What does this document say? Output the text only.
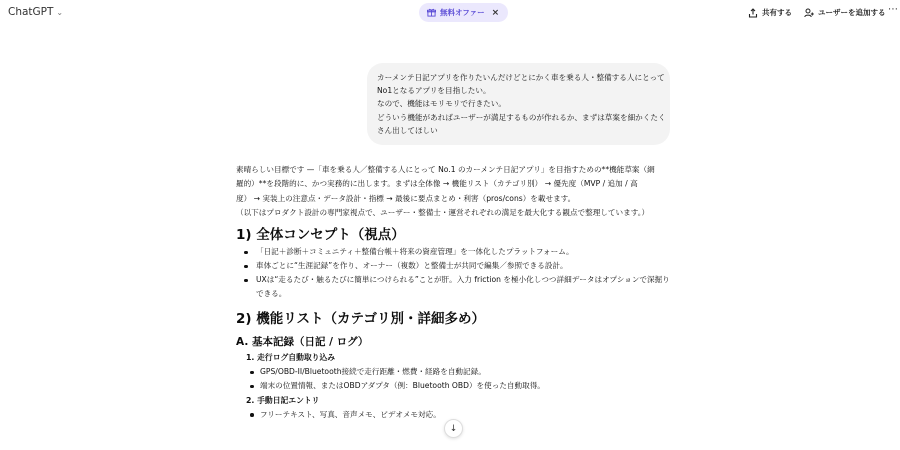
ChatGPT ⌄	無料オファー ×	共有する	ユーザーを追加する ⋯

カーメンテ日記アプリを作りたいんだけどとにかく車を乗る人・整備する人にとって

No1となるアプリを目指したい。

なので、機能はモリモリで行きたい。

どういう機能があればユーザーが満足するものが作れるか、まずは草案を細かくたく

さん出してほしい

素晴らしい目標です —「車を乗る人／整備する人にとって No.1 のカーメンテ日記アプリ」を目指すための**機能草案（網

羅的）**を段階的に、かつ実務的に出します。まずは全体像 → 機能リスト（カテゴリ別） → 優先度（MVP / 追加 / 高

度） → 実装上の注意点・データ設計・指標 → 最後に要点まとめ・利害（pros/cons）を載せます。

（以下はプロダクト設計の専門家視点で、ユーザー・整備士・運営それぞれの満足を最大化する観点で整理しています。）

1) 全体コンセプト（視点）
「日記＋診断＋コミュニティ＋整備台帳＋将来の資産管理」を一体化したプラットフォーム。
車体ごとに“生涯記録”を作り、オーナー（複数）と整備士が共同で編集／参照できる設計。
UXは“走るたび・触るたびに簡単につけられる”ことが肝。入力 friction を極小化しつつ詳細データはオプションで深掘り
できる。
2) 機能リスト（カテゴリ別・詳細多め）
A. 基本記録（日記 / ログ）
1. 走行ログ自動取り込み
GPS/OBD-II/Bluetooth接続で走行距離・燃費・経路を自動記録。
端末の位置情報、またはOBDアダプタ（例：Bluetooth OBD）を使った自動取得。
2. 手動日記エントリ
フリーテキスト、写真、音声メモ、ビデオメモ対応。
↓
